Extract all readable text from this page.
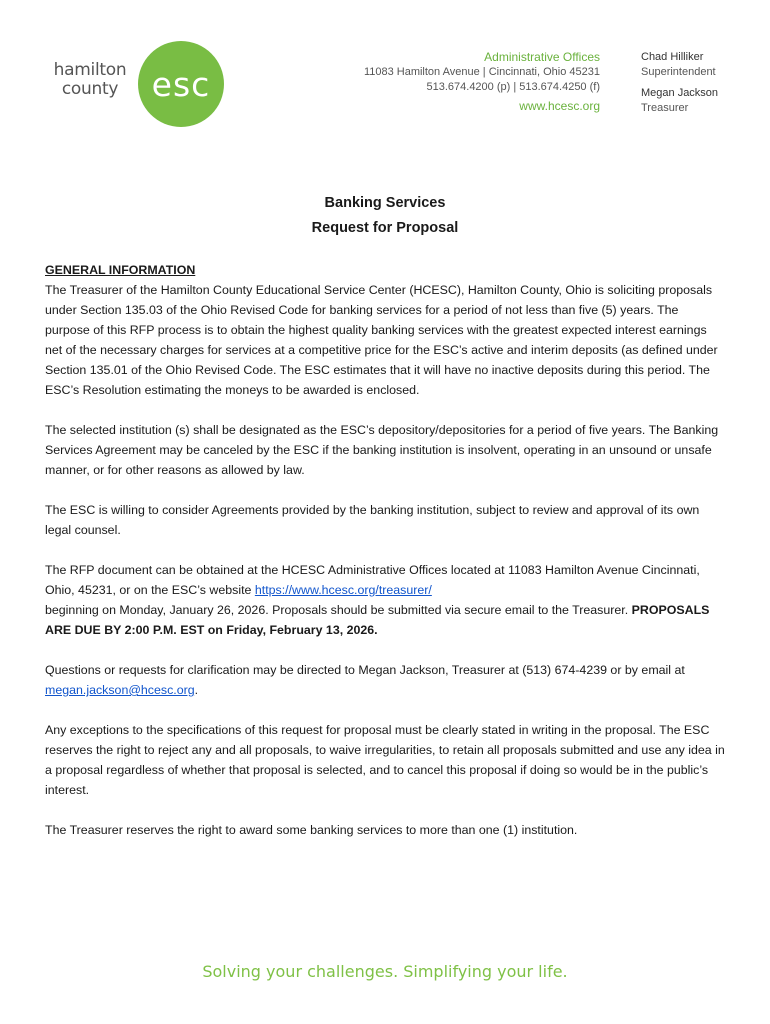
hamilton
county	esc
Administrative Offices
11083 Hamilton Avenue | Cincinnati, Ohio 45231
513.674.4200 (p) | 513.674.4250 (f)
www.hcesc.org
Chad Hilliker
Superintendent
Megan Jackson
Treasurer
Banking Services
Request for Proposal
GENERAL INFORMATION

The Treasurer of the Hamilton County Educational Service Center (HCESC), Hamilton County, Ohio is soliciting proposals under Section 135.03 of the Ohio Revised Code for banking services for a period of not less than five (5) years. The purpose of this RFP process is to obtain the highest quality banking services with the greatest expected interest earnings net of the necessary charges for services at a competitive price for the ESC’s active and interim deposits (as defined under Section 135.01 of the Ohio Revised Code. The ESC estimates that it will have no inactive deposits during this period. The ESC’s Resolution estimating the moneys to be awarded is enclosed.

The selected institution (s) shall be designated as the ESC’s depository/depositories for a period of five years. The Banking Services Agreement may be canceled by the ESC if the banking institution is insolvent, operating in an unsound or unsafe manner, or for other reasons as allowed by law.

The ESC is willing to consider Agreements provided by the banking institution, subject to review and approval of its own legal counsel.

The RFP document can be obtained at the HCESC Administrative Offices located at 11083 Hamilton Avenue Cincinnati, Ohio, 45231, or on the ESC’s website https://www.hcesc.org/treasurer/
beginning on Monday, January 26, 2026. Proposals should be submitted via secure email to the Treasurer. PROPOSALS ARE DUE BY 2:00 P.M. EST on Friday, February 13, 2026.

Questions or requests for clarification may be directed to Megan Jackson, Treasurer at (513) 674-4239 or by email at megan.jackson@hcesc.org.

Any exceptions to the specifications of this request for proposal must be clearly stated in writing in the proposal. The ESC reserves the right to reject any and all proposals, to waive irregularities, to retain all proposals submitted and use any idea in a proposal regardless of whether that proposal is selected, and to cancel this proposal if doing so would be in the public’s interest.

The Treasurer reserves the right to award some banking services to more than one (1) institution.

Solving your challenges. Simplifying your life.
